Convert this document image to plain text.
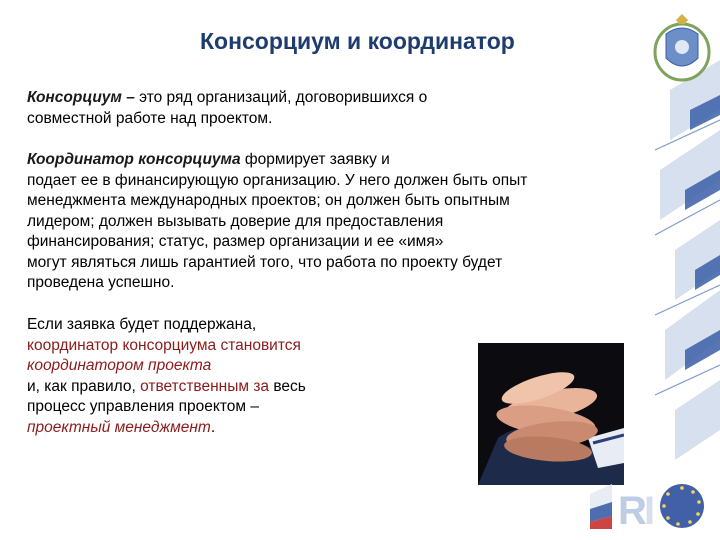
Консорциум и координатор
Консорциум – это ряд организаций, договорившихся о
совместной работе над проектом.
Координатор консорциума формирует заявку и
подает ее в финансирующую организацию. У него должен быть опыт
менеджмента международных проектов; он должен быть опытным
лидером; должен вызывать доверие для предоставления
финансирования; статус, размер организации и ее «имя»
могут являться лишь гарантией того, что работа по проекту будет
проведена успешно.
Если заявка будет поддержана,
координатор консорциума становится
координатором проекта
и, как правило, ответственным за весь
процесс управления проектом –
проектный менеджмент.
R
I
